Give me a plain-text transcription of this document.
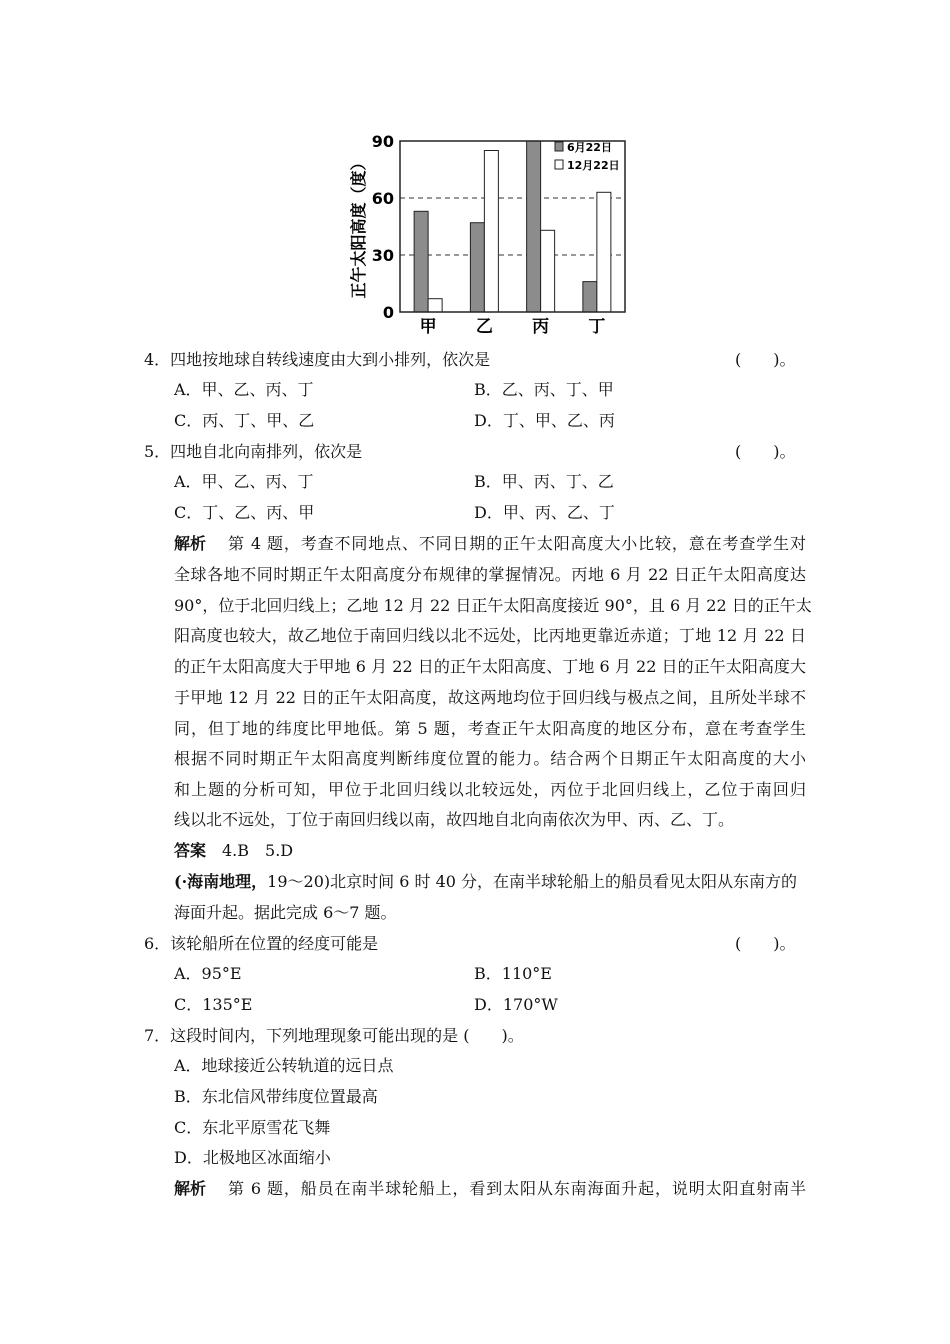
甲 乙 丙 丁
0
30
60
90
正午太阳高度（度）
6月22日
12月22日
4．四地按地球自转线速度由大到小排列，依次是	(　　)。
A．甲、乙、丙、丁	B．乙、丙、丁、甲
C．丙、丁、甲、乙	D．丁、甲、乙、丙
5．四地自北向南排列，依次是	(　　)。
A．甲、乙、丙、丁	B．甲、丙、丁、乙
C．丁、乙、丙、甲	D．甲、丙、乙、丁
解析 第 4 题，考查不同地点、不同日期的正午太阳高度大小比较，意在考查学生对
全球各地不同时期正午太阳高度分布规律的掌握情况。丙地 6 月 22 日正午太阳高度达
90°，位于北回归线上；乙地 12 月 22 日正午太阳高度接近 90°，且 6 月 22 日的正午太
阳高度也较大，故乙地位于南回归线以北不远处，比丙地更靠近赤道；丁地 12 月 22 日
的正午太阳高度大于甲地 6 月 22 日的正午太阳高度、丁地 6 月 22 日的正午太阳高度大
于甲地 12 月 22 日的正午太阳高度，故这两地均位于回归线与极点之间，且所处半球不
同，但丁地的纬度比甲地低。第 5 题，考查正午太阳高度的地区分布，意在考查学生
根据不同时期正午太阳高度判断纬度位置的能力。结合两个日期正午太阳高度的大小
和上题的分析可知，甲位于北回归线以北较远处，丙位于北回归线上，乙位于南回归
线以北不远处，丁位于南回归线以南，故四地自北向南依次为甲、丙、乙、丁。
答案 4.B　5.D
(·海南地理，19～20)北京时间 6 时 40 分，在南半球轮船上的船员看见太阳从东南方的
海面升起。据此完成 6～7 题。
6．该轮船所在位置的经度可能是	(　　)。
A．95°E	B．110°E
C．135°E	D．170°W
7．这段时间内，下列地理现象可能出现的是 (　　)。
A．地球接近公转轨道的远日点
B．东北信风带纬度位置最高
C．东北平原雪花飞舞
D．北极地区冰面缩小
解析 第 6 题，船员在南半球轮船上，看到太阳从东南海面升起，说明太阳直射南半
